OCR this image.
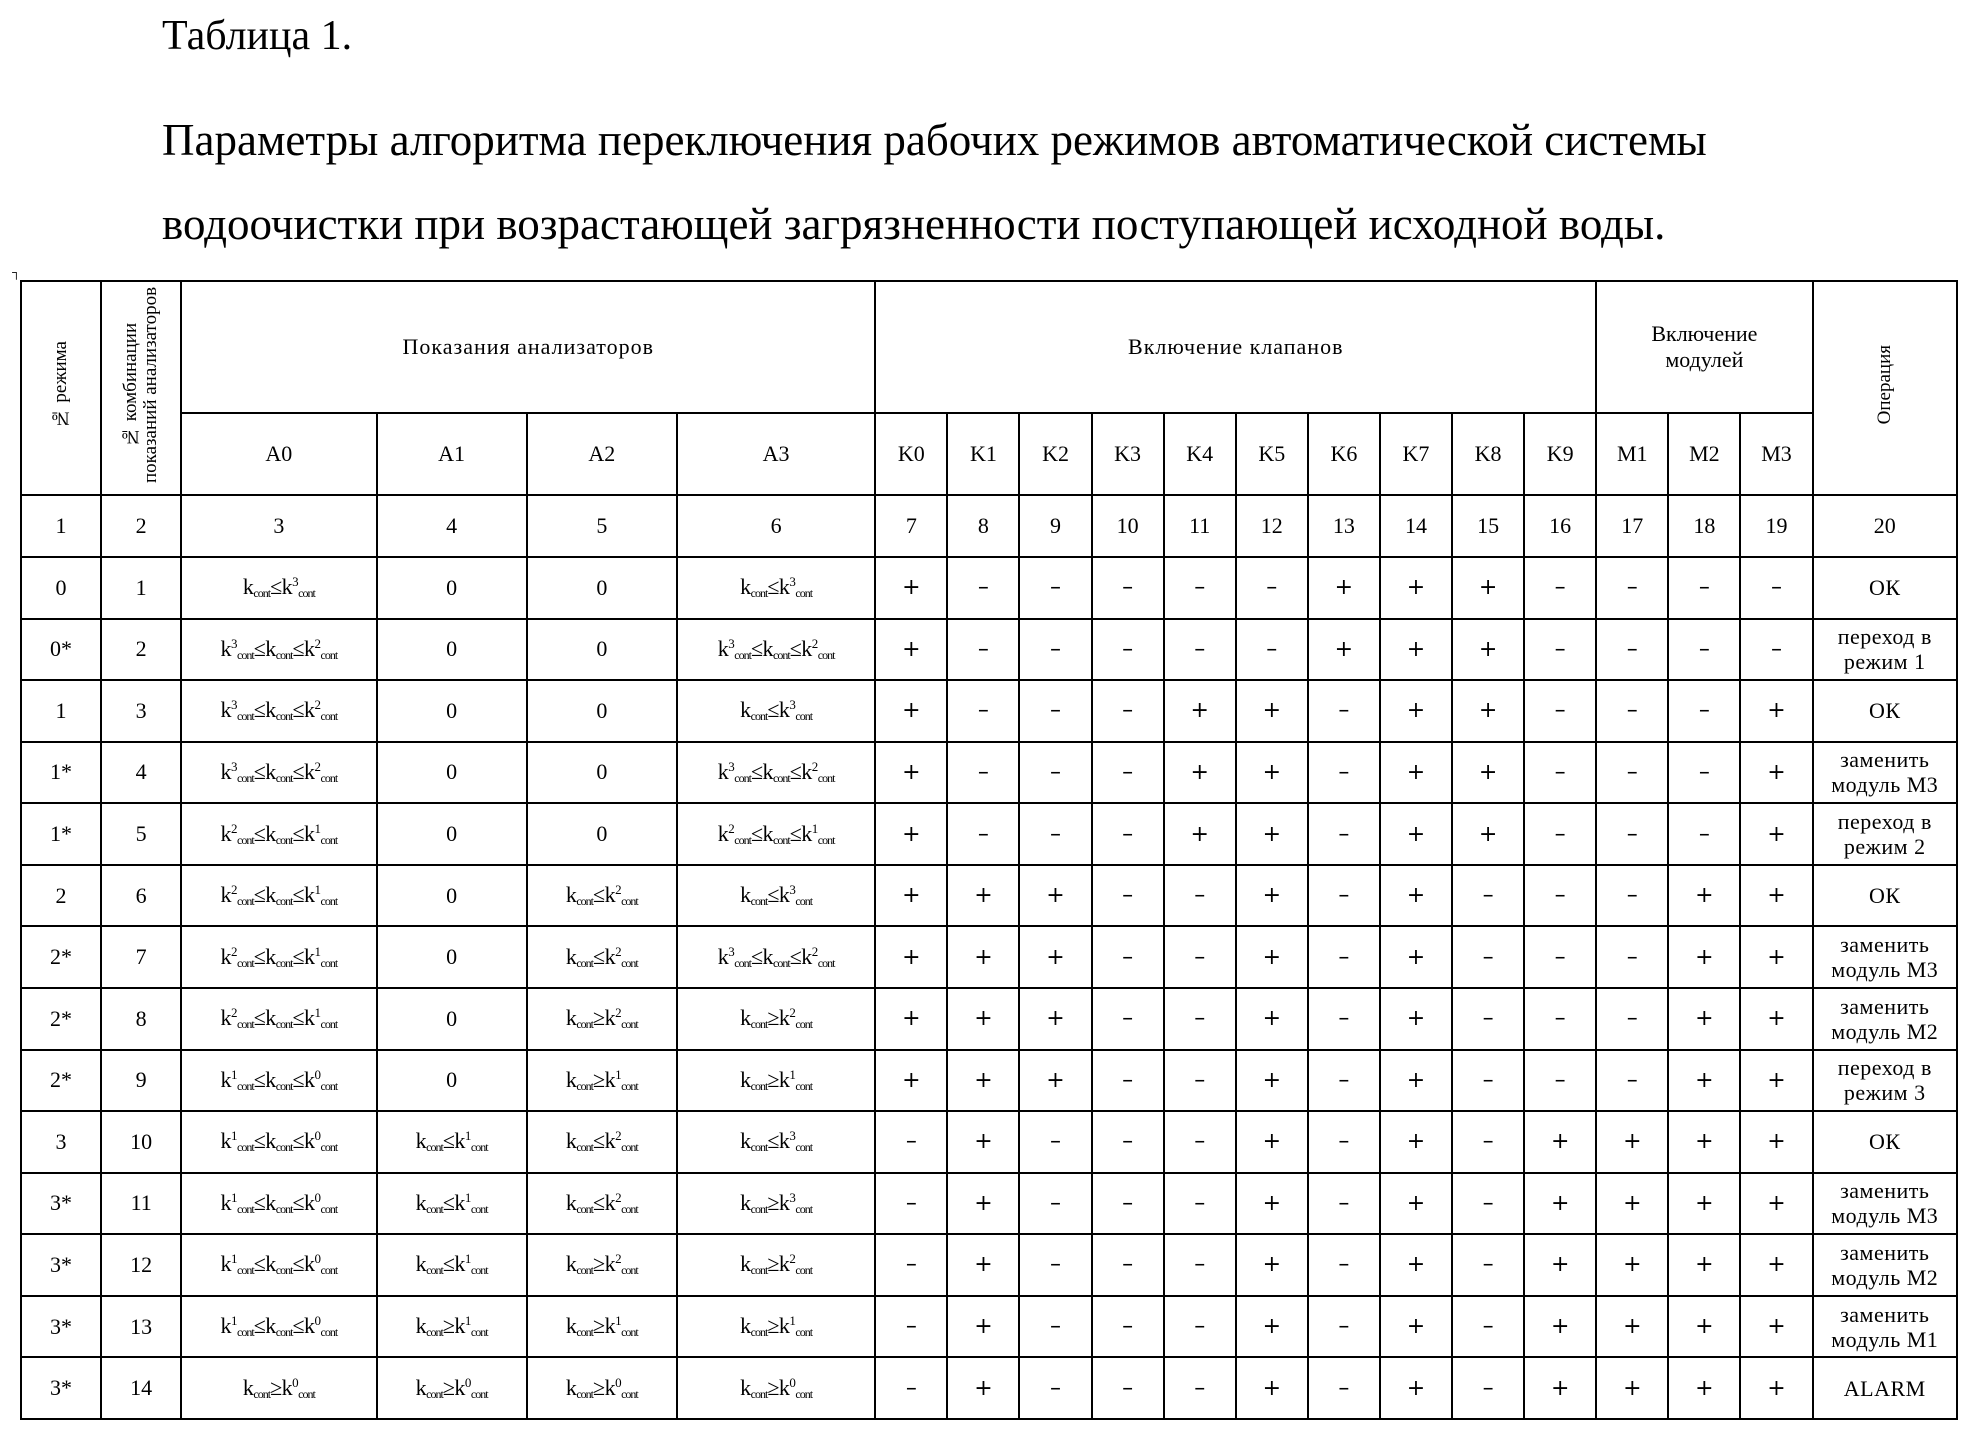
Таблица 1.
Параметры алгоритма переключения рабочих режимов автоматической системы водоочистки при возрастающей загрязненности поступающей исходной воды.
┐
№ режима	№ комбинации показаний анализаторов	Показания анализаторов				Включение клапанов										Включение модулей			Операция
		A0	A1	A2	A3	K0	K1	K2	K3	K4	K5	K6	K7	K8	K9	M1	M2	M3	
1	2	3	4	5	6	7	8	9	10	11	12	13	14	15	16	17	18	19	20
0	1	$k_{cont}\le k^3_{cont}$	0	0	$k_{cont}\le k^3_{cont}$	+	–	–	–	–	–	+	+	+	–	–	–	–	ОК
0*	2	$k^3_{cont}\le k_{cont}\le k^2_{cont}$	0	0	$k^3_{cont}\le k_{cont}\le k^2_{cont}$	+	–	–	–	–	–	+	+	+	–	–	–	–	переход в режим 1
1	3	$k^3_{cont}\le k_{cont}\le k^2_{cont}$	0	0	$k_{cont}\le k^3_{cont}$	+	–	–	–	+	+	–	+	+	–	–	–	+	ОК
1*	4	$k^3_{cont}\le k_{cont}\le k^2_{cont}$	0	0	$k^3_{cont}\le k_{cont}\le k^2_{cont}$	+	–	–	–	+	+	–	+	+	–	–	–	+	заменить модуль М3
1*	5	$k^2_{cont}\le k_{cont}\le k^1_{cont}$	0	0	$k^2_{cont}\le k_{cont}\le k^1_{cont}$	+	–	–	–	+	+	–	+	+	–	–	–	+	переход в режим 2
2	6	$k^2_{cont}\le k_{cont}\le k^1_{cont}$	0	$k_{cont}\le k^2_{cont}$	$k_{cont}\le k^3_{cont}$	+	+	+	–	–	+	–	+	–	–	–	+	+	ОК
2*	7	$k^2_{cont}\le k_{cont}\le k^1_{cont}$	0	$k_{cont}\le k^2_{cont}$	$k^3_{cont}\le k_{cont}\le k^2_{cont}$	+	+	+	–	–	+	–	+	–	–	–	+	+	заменить модуль М3
2*	8	$k^2_{cont}\le k_{cont}\le k^1_{cont}$	0	$k_{cont}\ge k^2_{cont}$	$k_{cont}\ge k^2_{cont}$	+	+	+	–	–	+	–	+	–	–	–	+	+	заменить модуль М2
2*	9	$k^1_{cont}\le k_{cont}\le k^0_{cont}$	0	$k_{cont}\ge k^1_{cont}$	$k_{cont}\ge k^1_{cont}$	+	+	+	–	–	+	–	+	–	–	–	+	+	переход в режим 3
3	10	$k^1_{cont}\le k_{cont}\le k^0_{cont}$	$k_{cont}\le k^1_{cont}$	$k_{cont}\le k^2_{cont}$	$k_{cont}\le k^3_{cont}$	–	+	–	–	–	+	–	+	–	+	+	+	+	ОК
3*	11	$k^1_{cont}\le k_{cont}\le k^0_{cont}$	$k_{cont}\le k^1_{cont}$	$k_{cont}\le k^2_{cont}$	$k_{cont}\ge k^3_{cont}$	–	+	–	–	–	+	–	+	–	+	+	+	+	заменить модуль М3
3*	12	$k^1_{cont}\le k_{cont}\le k^0_{cont}$	$k_{cont}\le k^1_{cont}$	$k_{cont}\ge k^2_{cont}$	$k_{cont}\ge k^2_{cont}$	–	+	–	–	–	+	–	+	–	+	+	+	+	заменить модуль М2
3*	13	$k^1_{cont}\le k_{cont}\le k^0_{cont}$	$k_{cont}\ge k^1_{cont}$	$k_{cont}\ge k^1_{cont}$	$k_{cont}\ge k^1_{cont}$	–	+	–	–	–	+	–	+	–	+	+	+	+	заменить модуль М1
3*	14	$k_{cont}\ge k^0_{cont}$	$k_{cont}\ge k^0_{cont}$	$k_{cont}\ge k^0_{cont}$	$k_{cont}\ge k^0_{cont}$	–	+	–	–	–	+	–	+	–	+	+	+	+	ALARM
